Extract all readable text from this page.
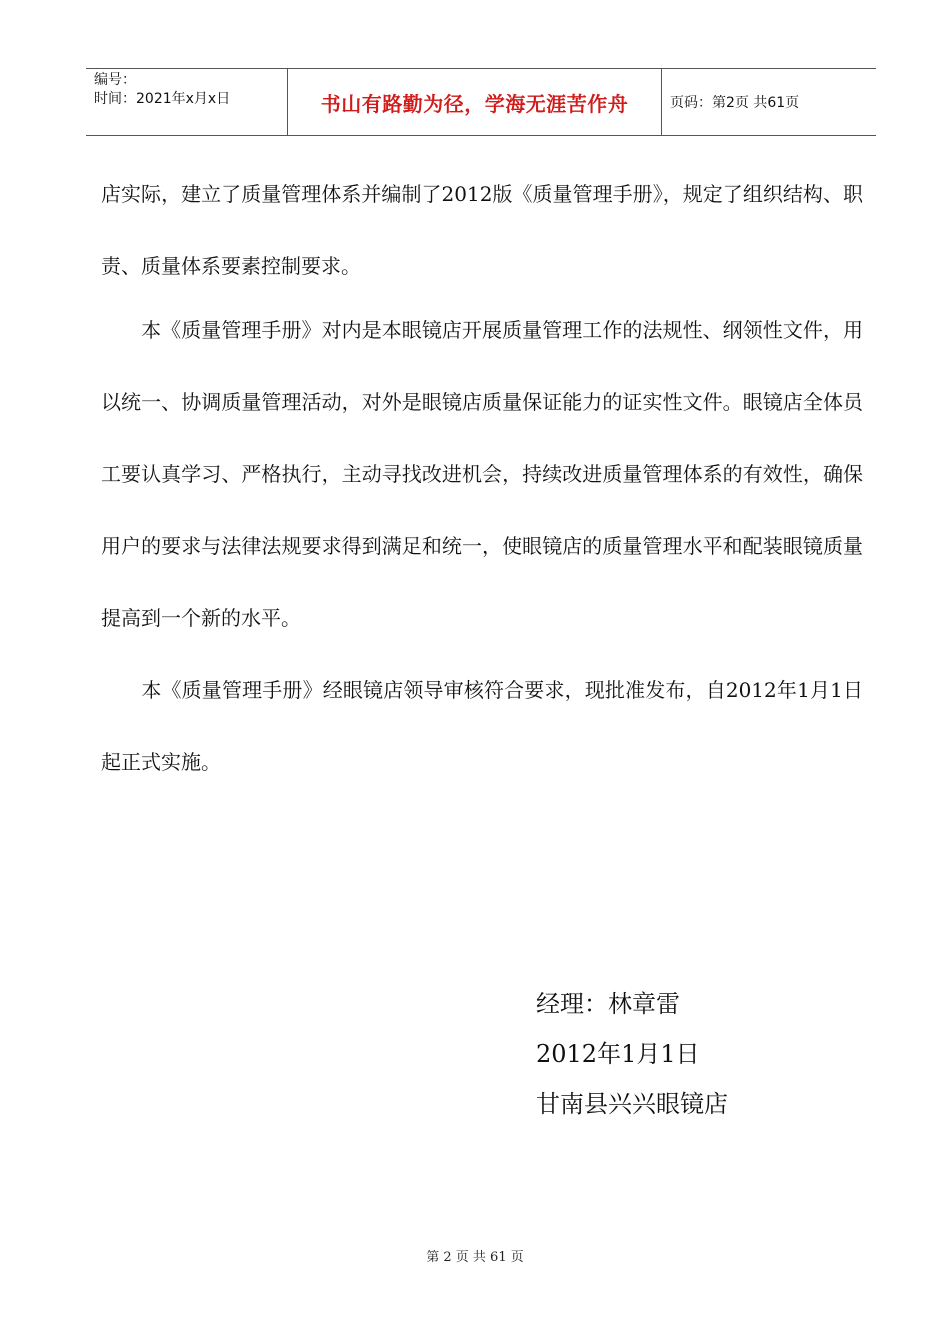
编号：
时间：2021年x月x日	书山有路勤为径，学海无涯苦作舟	页码：第2页 共61页

店实际，建立了质量管理体系并编制了2012版《质量管理手册》，规定了组织结构、职责、质量体系要素控制要求。

　　本《质量管理手册》对内是本眼镜店开展质量管理工作的法规性、纲领性文件，用以统一、协调质量管理活动，对外是眼镜店质量保证能力的证实性文件。眼镜店全体员工要认真学习、严格执行，主动寻找改进机会，持续改进质量管理体系的有效性，确保用户的要求与法律法规要求得到满足和统一，使眼镜店的质量管理水平和配装眼镜质量提高到一个新的水平。

　　本《质量管理手册》经眼镜店领导审核符合要求，现批准发布，自2012年1月1日起正式实施。

经理：林章雷
2012年1月1日
甘南县兴兴眼镜店
第 2 页 共 61 页
